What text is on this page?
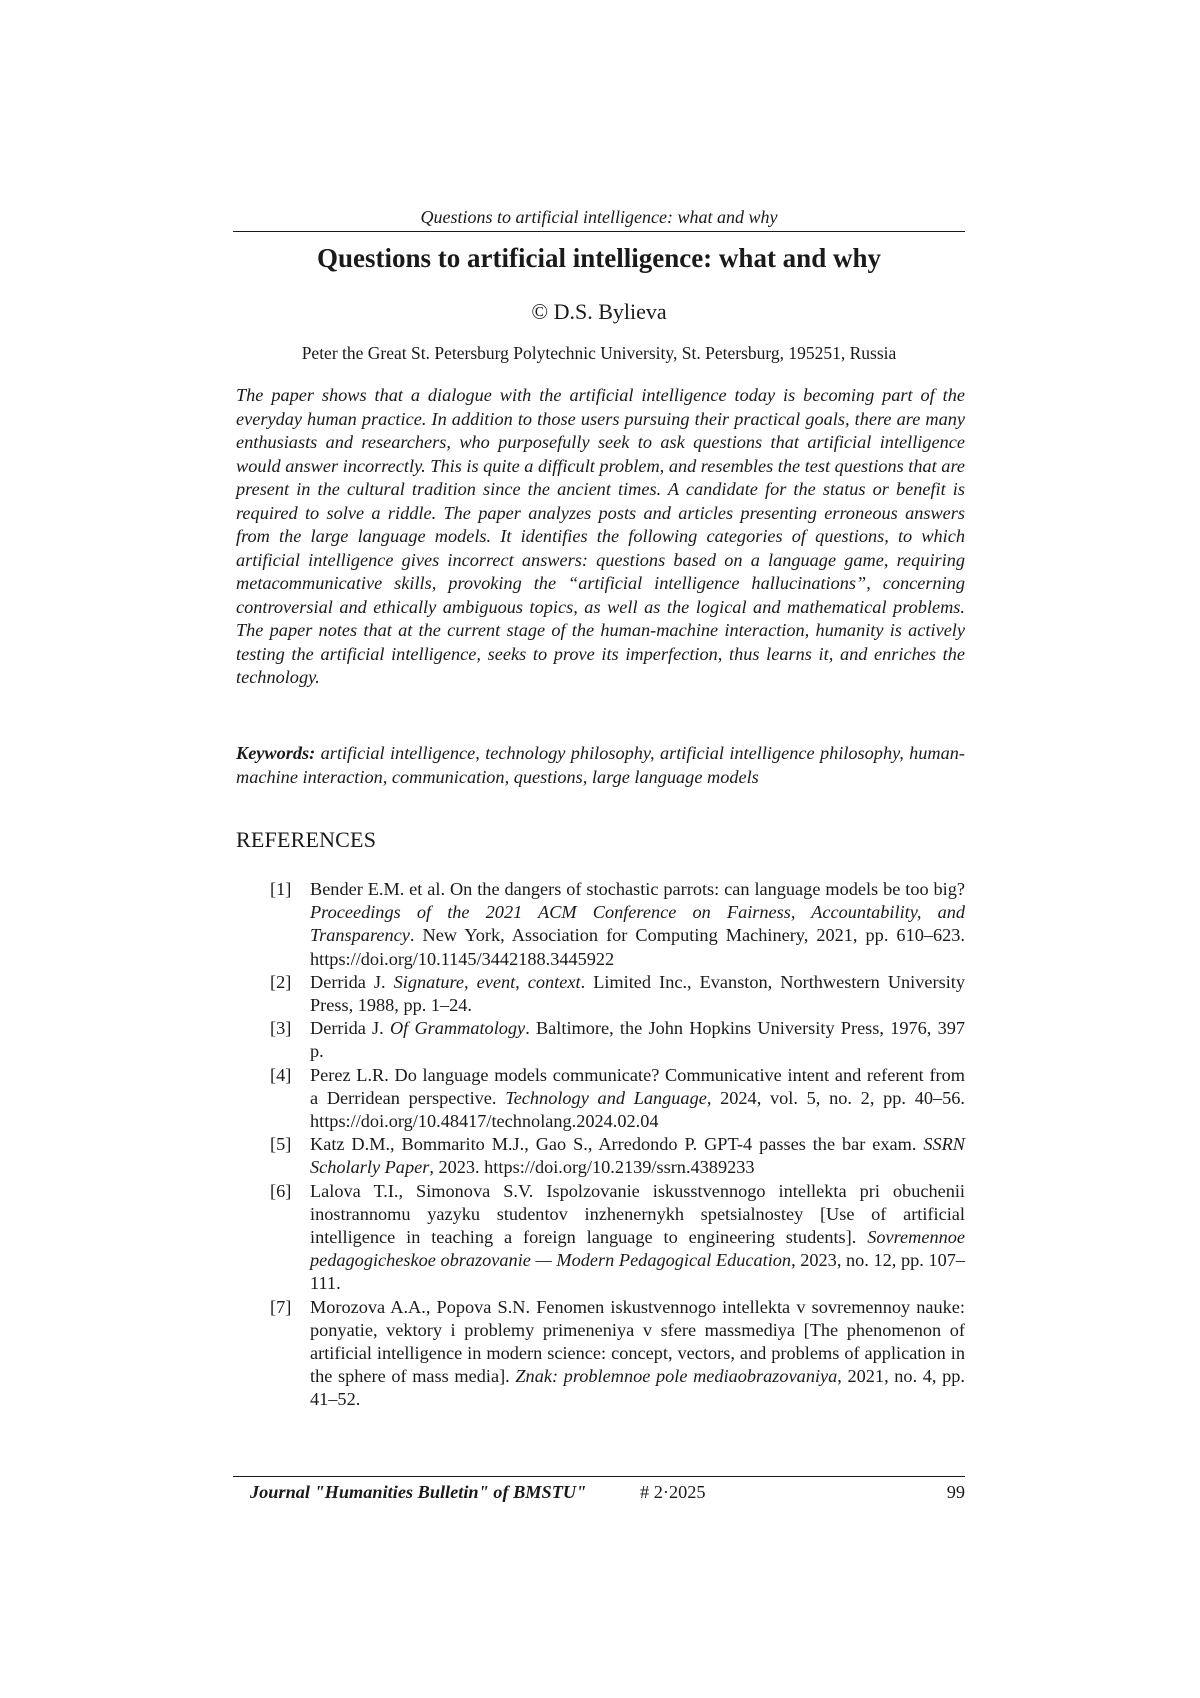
Questions to artificial intelligence: what and why
Questions to artificial intelligence: what and why
© D.S. Bylieva
Peter the Great St. Petersburg Polytechnic University, St. Petersburg, 195251, Russia

The paper shows that a dialogue with the artificial intelligence today is becoming part of the everyday human practice. In addition to those users pursuing their practical goals, there are many enthusiasts and researchers, who purposefully seek to ask questions that artificial intelligence would answer incorrectly. This is quite a difficult problem, and resembles the test questions that are present in the cultural tradition since the ancient times. A candidate for the status or benefit is required to solve a riddle. The paper analyzes posts and articles presenting erroneous answers from the large language models. It identifies the following categories of questions, to which artificial intelligence gives incorrect answers: questions based on a language game, requiring metacommunicative skills, provoking the “artificial intelligence hallucinations”, concerning controversial and ethically ambiguous topics, as well as the logical and mathematical problems. The paper notes that at the current stage of the human-machine interaction, humanity is actively testing the artificial intelligence, seeks to prove its imperfection, thus learns it, and enriches the technology.

Keywords: artificial intelligence, technology philosophy, artificial intelligence philosophy, human-machine interaction, communication, questions, large language models

REFERENCES
[1] Bender E.M. et al. On the dangers of stochastic parrots: can language models be too big? Proceedings of the 2021 ACM Conference on Fairness, Accountability, and Transparency. New York, Association for Computing Machinery, 2021, pp. 610–623. https://doi.org/10.1145/3442188.3445922
[2] Derrida J. Signature, event, context. Limited Inc., Evanston, Northwestern University Press, 1988, pp. 1–24.
[3] Derrida J. Of Grammatology. Baltimore, the John Hopkins University Press, 1976, 397 p.
[4] Perez L.R. Do language models communicate? Communicative intent and referent from a Derridean perspective. Technology and Language, 2024, vol. 5, no. 2, pp. 40–56. https://doi.org/10.48417/technolang.2024.02.04
[5] Katz D.M., Bommarito M.J., Gao S., Arredondo P. GPT-4 passes the bar exam. SSRN Scholarly Paper, 2023. https://doi.org/10.2139/ssrn.4389233
[6] Lalova T.I., Simonova S.V. Ispolzovanie iskusstvennogo intellekta pri obuchenii inostrannomu yazyku studentov inzhenernykh spetsialnostey [Use of artificial intelligence in teaching a foreign language to engineering students]. Sovremennoe pedagogicheskoe obrazovanie — Modern Pedagogical Education, 2023, no. 12, pp. 107–111.
[7] Morozova A.A., Popova S.N. Fenomen iskustvennogo intellekta v sovremennoy nauke: ponyatie, vektory i problemy primeneniya v sfere massmediya [The phenomenon of artificial intelligence in modern science: concept, vectors, and problems of application in the sphere of mass media]. Znak: problemnoe pole mediaobrazovaniya, 2021, no. 4, pp. 41–52.
Journal "Humanities Bulletin" of BMSTU"	# 2·2025	99
